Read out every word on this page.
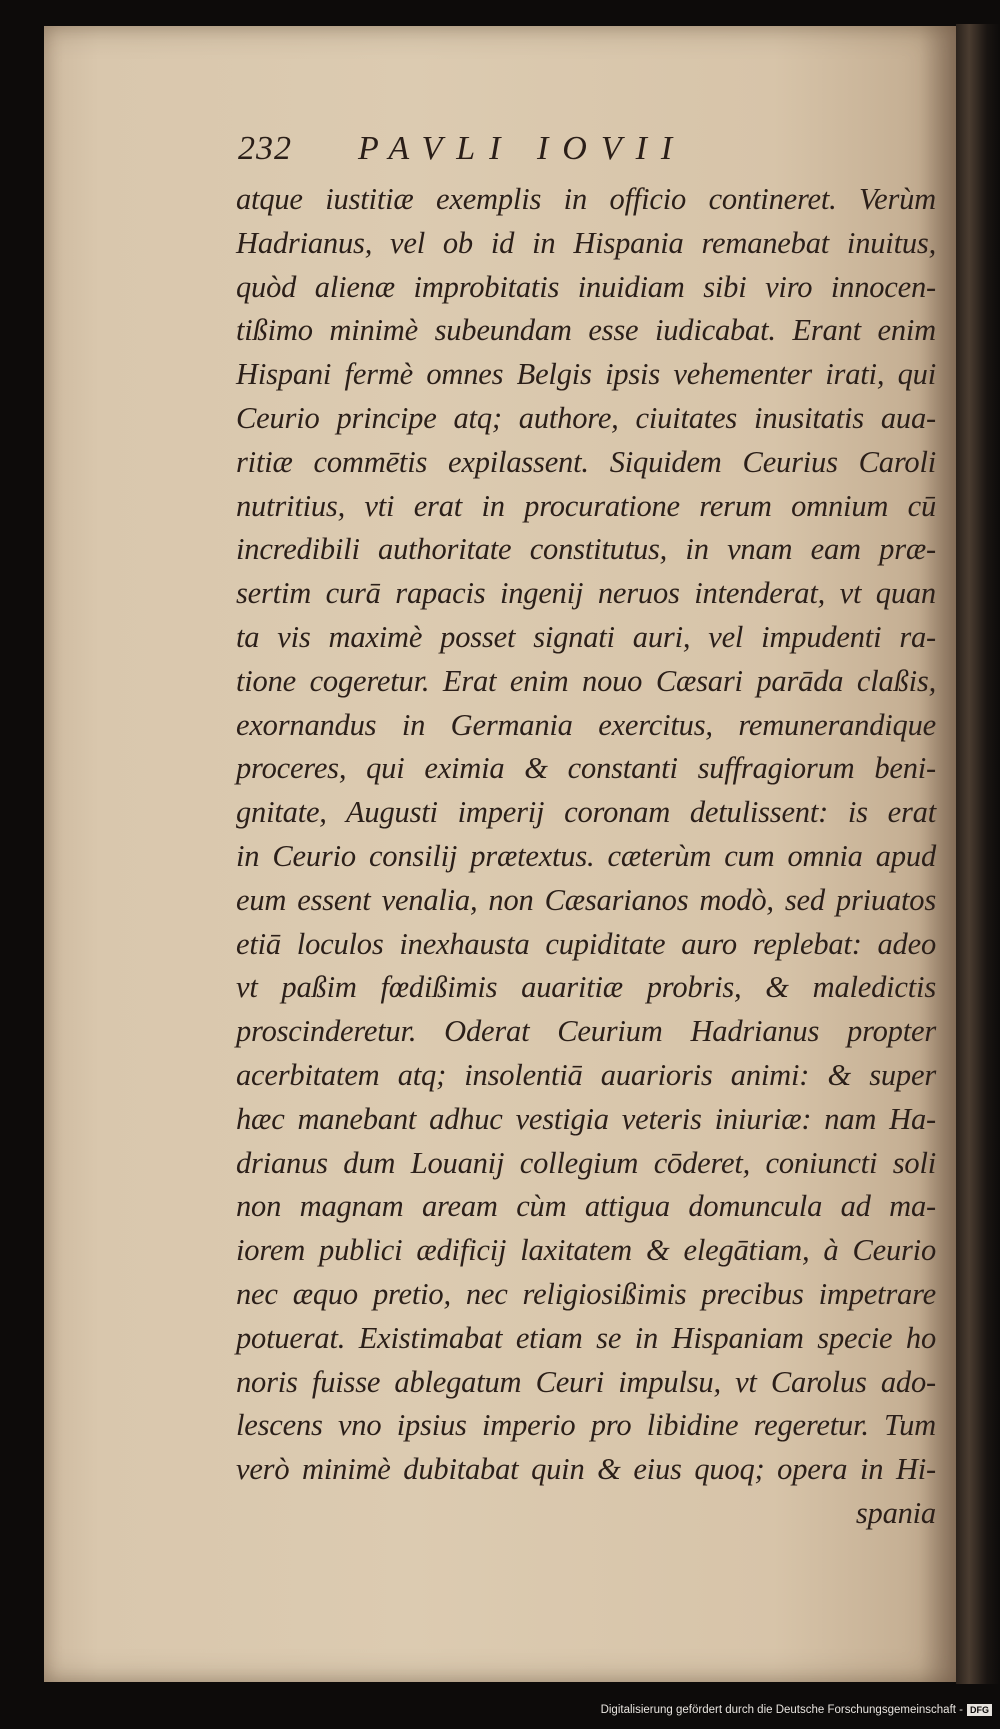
232 PAVLI IOVII
atque iustitiæ exemplis in officio contineret. Verùm
Hadrianus, vel ob id in Hispania remanebat inuitus,
quòd alienæ improbitatis inuidiam sibi viro innocen-
tißimo minimè subeundam esse iudicabat. Erant enim
Hispani fermè omnes Belgis ipsis vehementer irati, qui
Ceurio principe atq; authore, ciuitates inusitatis aua-
ritiæ commētis expilassent. Siquidem Ceurius Caroli
nutritius, vti erat in procuratione rerum omnium cū
incredibili authoritate constitutus, in vnam eam præ-
sertim curā rapacis ingenij neruos intenderat, vt quan
ta vis maximè posset signati auri, vel impudenti ra-
tione cogeretur. Erat enim nouo Cæsari parāda claßis,
exornandus in Germania exercitus, remunerandique
proceres, qui eximia & constanti suffragiorum beni-
gnitate, Augusti imperij coronam detulissent: is erat
in Ceurio consilij prætextus. cæterùm cum omnia apud
eum essent venalia, non Cæsarianos modò, sed priuatos
etiā loculos inexhausta cupiditate auro replebat: adeo
vt paßim fœdißimis auaritiæ probris, & maledictis
proscinderetur. Oderat Ceurium Hadrianus propter
acerbitatem atq; insolentiā auarioris animi: & super
hæc manebant adhuc vestigia veteris iniuriæ: nam Ha-
drianus dum Louanij collegium cōderet, coniuncti soli
non magnam aream cùm attigua domuncula ad ma-
iorem publici ædificij laxitatem & elegātiam, à Ceurio
nec æquo pretio, nec religiosißimis precibus impetrare
potuerat. Existimabat etiam se in Hispaniam specie ho
noris fuisse ablegatum Ceuri impulsu, vt Carolus ado-
lescens vno ipsius imperio pro libidine regeretur. Tum
verò minimè dubitabat quin & eius quoq; opera in Hi-
spania
Digitalisierung gefördert durch die Deutsche Forschungsgemeinschaft - DFG
